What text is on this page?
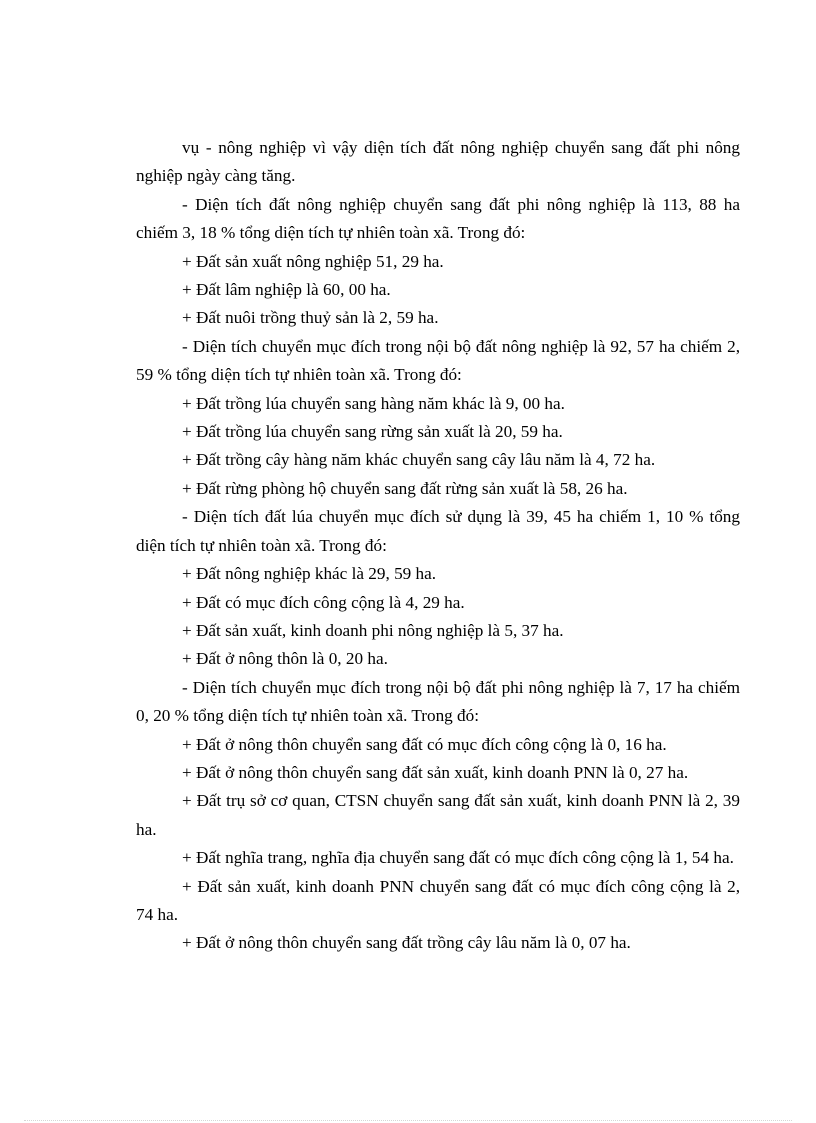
vụ - nông nghiệp vì vậy diện tích đất nông nghiệp chuyển sang đất phi nông nghiệp ngày càng tăng.

- Diện tích đất nông nghiệp chuyển sang đất phi nông nghiệp là 113, 88 ha chiếm 3, 18 % tổng diện tích tự nhiên toàn xã. Trong đó:

+ Đất sản xuất nông nghiệp 51, 29 ha.

+ Đất lâm nghiệp là 60, 00 ha.

+ Đất nuôi trồng thuỷ sản là 2, 59 ha.

- Diện tích chuyển mục đích trong nội bộ đất nông nghiệp là 92, 57 ha chiếm 2, 59 % tổng diện tích tự nhiên toàn xã. Trong đó:

+ Đất trồng lúa chuyển sang hàng năm khác là 9, 00 ha.

+ Đất trồng lúa chuyển sang rừng sản xuất là 20, 59 ha.

+ Đất trồng cây hàng năm khác chuyển sang cây lâu năm là 4, 72 ha.

+ Đất rừng phòng hộ chuyển sang đất rừng sản xuất là 58, 26 ha.

- Diện tích đất lúa chuyển mục đích sử dụng là 39, 45 ha chiếm 1, 10 % tổng diện tích tự nhiên toàn xã. Trong đó:

+ Đất nông nghiệp khác là 29, 59 ha.

+ Đất có mục đích công cộng là 4, 29 ha.

+ Đất sản xuất, kinh doanh phi nông nghiệp là 5, 37 ha.

+ Đất ở nông thôn là 0, 20 ha.

- Diện tích chuyển mục đích trong nội bộ đất phi nông nghiệp là 7, 17 ha chiếm 0, 20 % tổng diện tích tự nhiên toàn xã. Trong đó:

+ Đất ở nông thôn chuyển sang đất có mục đích công cộng là 0, 16 ha.

+ Đất ở nông thôn chuyển sang đất sản xuất, kinh doanh PNN là 0, 27 ha.

+ Đất trụ sở cơ quan, CTSN chuyển sang đất sản xuất, kinh doanh PNN là 2, 39 ha.

+ Đất nghĩa trang, nghĩa địa chuyển sang đất có mục đích công cộng là 1, 54 ha.

+ Đất sản xuất, kinh doanh PNN chuyển sang đất có mục đích công cộng là 2, 74 ha.

+ Đất ở nông thôn chuyển sang đất trồng cây lâu năm là 0, 07 ha.
